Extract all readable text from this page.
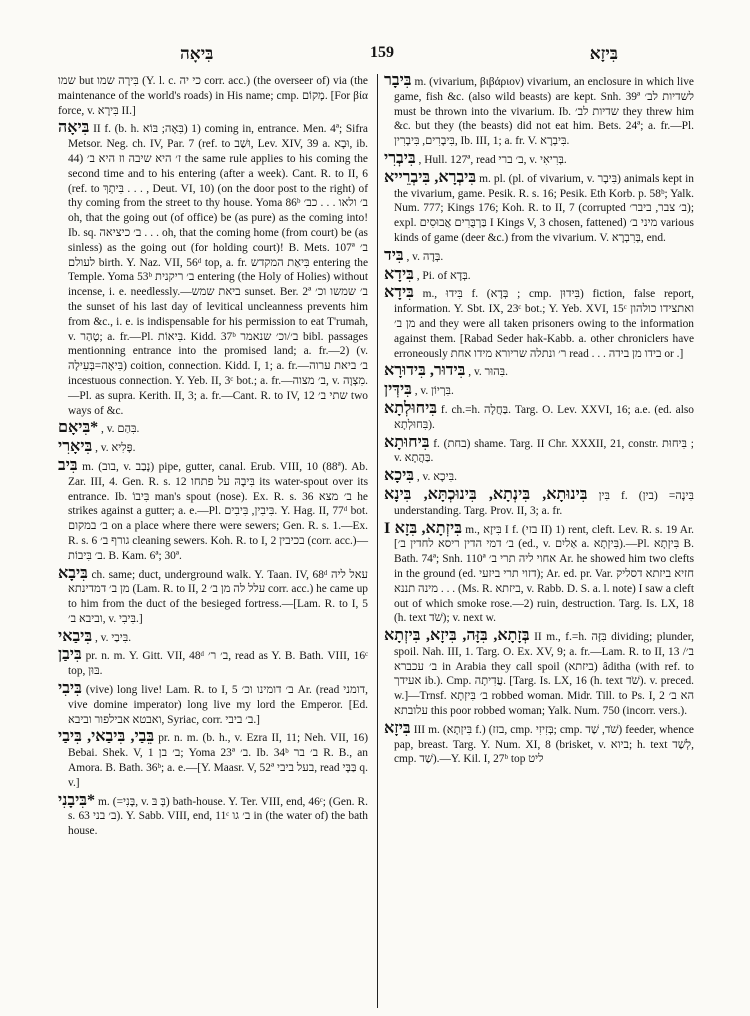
בִּיאָה	159	בִּיזָא

שמו but בִּירָה שמו (Y. l. c. כי יה corr. acc.) (the overseer of) via (the maintenance of the world's roads) in His name; cmp. מָקוֹם. [For βία force, v. בִּירָא II.]

בִּיאָה II f. (b. h. בִּאָה; בּוֹא) 1) coming in, entrance. Men. 4ª; Sifra Metsor. Neg. ch. IV, Par. 7 (ref. to וּשַׁב, Lev. XIV, 39 a. וּבָא, ib. 44) ז׳ היא שיבה וז היא ב׳ the same rule applies to his coming the second time and to his entering (after a week). Cant. R. to II, 6 (ref. to בִּיתָךְ . . . , Deut. VI, 10) (on the door post to the right) of thy coming from the street to thy house. Yoma 86ᵇ ב׳ ולאו . . . כב׳ oh, that the going out (of office) be (as pure) as the coming into! Ib. sq. ב׳ כיציאה . . . oh, that the coming home (from court) be (as sinless) as the going out (for holding court)! B. Mets. 107ª ב׳ לעולם birth. Y. Naz. VII, 56ᵈ top, a. fr. בִּיאַת המקדש entering the Temple. Yoma 53ᵇ ב׳ ריקנית entering (the Holy of Holies) without incense, i. e. needlessly.—ביאת שמש sunset. Ber. 2ª ב׳ שמשו וכ׳ the sunset of his last day of levitical uncleanness prevents him from &c., i. e. is indispensable for his permission to eat T'rumah, v. טָהַר; a. fr.—Pl. בִּיאוֹת. Kidd. 37ᵇ ב׳/וכ׳ שנאמר bibl. passages mentionning entrance into the promised land; a. fr.—2) (v. בִּיאָה=בְּעִילָה) coition, connection. Kidd. I, 1; a. fr.—ב׳ ביאת ערוה incestuous connection. Y. Yeb. II, 3ᶜ bot.; a. fr.—ב׳ מצוה, v. מִצְוָה.—Pl. as supra. Kerith. II, 3; a. fr.—Cant. R. to IV, 12 שתי ב׳ two ways of &c.

*בִּיאָם , v. בִּהַם.

בִּיאָרִי , v. פָּלִיא.

בִּיב m. (בוב, v. נָבַב) pipe, gutter, canal. Erub. VIII, 10 (88ª). Ab. Zar. III, 4. Gen. R. s. 12 בִּיבָהּ על פתחו its water-spout over its entrance. Ib. בִּיבוֹ man's spout (nose). Ex. R. s. 36 ב׳ מצא he strikes against a gutter; a. e.—Pl. בִּיבִין, בִּיבִים. Y. Hag. II, 77ᵈ bot. ב׳ במקום on a place where there were sewers; Gen. R. s. 1.—Ex. R. s. 6 גורף ב׳ cleaning sewers. Koh. R. to I, 2 בכיבין (corr. acc.)—ב׳ בִּיבוֹת. B. Kam. 6ª; 30ª.

בִּיבָא ch. same; duct, underground walk. Y. Taan. IV, 68ᵈ עאל ליה מן ב׳ דמדינתא (Lam. R. to II, 2 עלל לה מן ב׳ corr. acc.) he came up to him from the duct of the besieged fortress.—[Lam. R. to I, 5 וביבא ב׳, v. בִּיבִי.]

בִּיבַאי , v. בִּיבַי.

בִּיבַן pr. n. m. Y. Gitt. VII, 48ᵈ ב׳ ר׳, read as Y. B. Bath. VIII, 16ᶜ top, בּוּן.

בִּיבִי (vive) long live! Lam. R. to I, 5 ב׳ דומינו וכ׳ Ar. (read דומני, vive domine imperator) long live my lord the Emperor. [Ed. ואבטא אבילפור וביבא, Syriac, corr. ב׳ ביבי.]

בֵּבַי, בִּיבַאי, בִּיבַי pr. n. m. (b. h., v. Ezra II, 11; Neh. VII, 16) Bebai. Shek. V, 1 ב׳ בן; Yoma 23ª ב׳. Ib. 34ᵇ ב׳ בר R. B., an Amora. B. Bath. 36ᵇ; a. e.—[Y. Maasr. V, 52ª בעל ביבי, read בַּבָּי q. v.]

*בִּיבָנִי m. (=בָּנִי, v. בְּ בּ) bath-house. Y. Ter. VIII, end, 46ᶜ; (Gen. R. s. 63 ב׳ בני). Y. Sabb. VIII, end, 11ᶜ ב׳ גו in (the water of) the bath house.

בִּיבָר m. (vivarium, βιβάριον) vivarium, an enclosure in which live game, fish &c. (also wild beasts) are kept. Snh. 39ª לשדיות לב׳ must be thrown into the vivarium. Ib. שדיות לב׳ they threw him &c. but they (the beasts) did not eat him. Bets. 24ª; a. fr.—Pl. בִּיבָרִים, בִּיבָרִין, Ib. III, 1; a. fr. V. בִּיבְרָא.

בִּיבְרִי , Hull. 127ª, read ב׳ ברי, v. בְּרִיאִי.

בִּיבְרָא, בִּיבְרֵייא m. pl. (pl. of vivarium, v. בִּיבָר) animals kept in the vivarium, game. Pesik. R. s. 16; Pesik. Eth Korb. p. 58ᵇ; Yalk. Num. 777; Kings 176; Koh. R. to II, 7 (corrupted ב׳ צבר, ביבר׳); expl. בַּרְבֻּרִים אֲבוּסִים I Kings V, 3 chosen, fattened) מיני ב׳ various kinds of game (deer &c.) from the vivarium. V. בְּרִבְרָא, end.

בִּיד , v. בְּדָה.

בִּידָא , Pi. of בְּדָא.

בִּידָא m., בִּידוּ f. (בְּדָא ; cmp. בִּידוּן) fiction, false report, information. Y. Sbt. IX, 23ᶜ bot.; Y. Yeb. XVI, 15ᶜ ואתצידו כולהון מן ב׳ and they were all taken prisoners owing to the information against them. [Rabad Seder hak-Kabb. a. other chroniclers have erroneously ר׳ ונתלה שריורא מידו אחת read . . . בידו מן בידה or .]

בִּידוּר, בִּידוּרָא , v. בִּהוּר.

בִּידְּין , v. בִּרְיוֹן.

בִּיחוּלְתָא f. ch.=h. בַּחֲלָה. Targ. O. Lev. XXVI, 16; a.e. (ed. also בִּחוּלְתָא).

בִּיחוּתָא f. (בחת) shame. Targ. II Chr. XXXII, 21, constr. בִּיחוּת ; v. בַּהֲתָא.

בִּיכָא , v. בִּיכָא.

בִּינוּתָא, בִּינְתָא, בִּינוּכְתָּא, בִּינָא בִּין f. (בין) =בִּינָה understanding. Targ. Prov. II, 3; a. fr.

בִּיזְתָא, בִּזָא I m., בִּיזָא I f. (בזי II) 1) rent, cleft. Lev. R. s. 19 Ar. [ב׳ דמי הדין ריסא לחדין ב׳ (ed., v. אַליִם a. בִּיזְתָא).—Pl. בִּיזְתָא B. Bath. 74ª; Snh. 110ª אחוי ליה תרי ב׳ Ar. he showed him two clefts in the ground (ed. דזוי תרי ביזעי); Ar. ed. pr. Var. חזיא ביזתא דסליק . . . מינה תננא (Ms. R. ביזתא, v. Rabb. D. S. a. l. note) I saw a cleft out of which smoke rose.—2) ruin, destruction. Targ. Is. LX, 18 (h. text שֹׁד); v. next w.

בְּזָתָא, בִּזָּה, בִּיזָא, בִּיזְתָא II m., f.=h. בִּזָּה dividing; plunder, spoil. Nah. III, 1. Targ. O. Ex. XV, 9; a. fr.—Lam. R. to II, 13 ב׳/ ב׳ עכברא in Arabia they call spoil (ביזתא) âditha (with ref. to אעידך ib.). Cmp. עֲדִיתָה. [Targ. Is. LX, 16 (h. text שֹׁד). v. preced. w.]—Trnsf. ב׳ בִּיזְתָא robbed woman. Midr. Till. to Ps. I, 2 הא ב׳ עלובתא this poor robbed woman; Yalk. Num. 750 (incorr. vers.).

בִּיזָא III m. (בִּיזְתָא f.) (בזז, cmp. בְּזִיזִי; cmp. שֹׁד, שַׁד) feeder, whence pap, breast. Targ. Y. Num. XI, 8 (brisket, v. ביוא; h. text לְשַׁד, cmp. שַׁד).—Y. Kil. I, 27ᵇ top ליט
